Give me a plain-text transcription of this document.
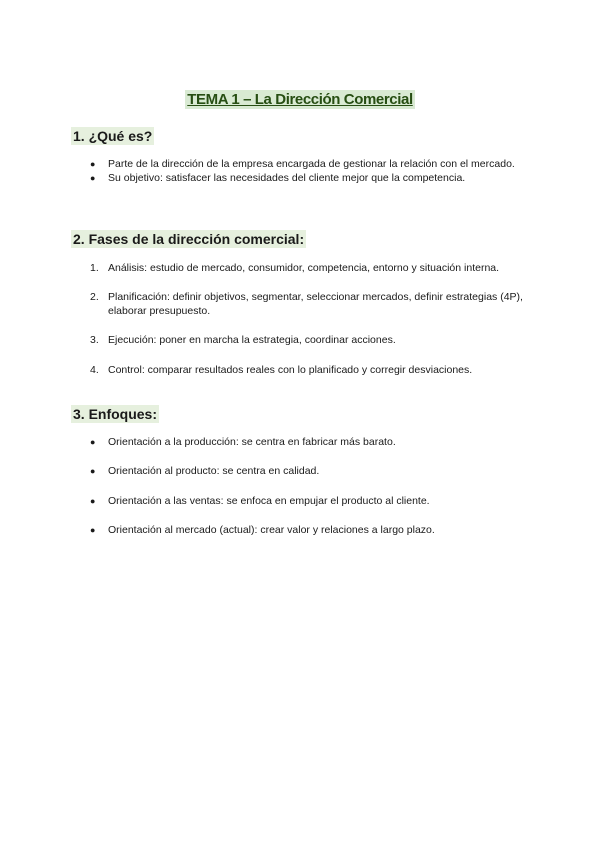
TEMA 1 – La Dirección Comercial
1. ¿Qué es?
● Parte de la dirección de la empresa encargada de gestionar la relación con el mercado.
● Su objetivo: satisfacer las necesidades del cliente mejor que la competencia.
2. Fases de la dirección comercial:
1. Análisis: estudio de mercado, consumidor, competencia, entorno y situación interna.
2. Planificación: definir objetivos, segmentar, seleccionar mercados, definir estrategias (4P), elaborar presupuesto.
3. Ejecución: poner en marcha la estrategia, coordinar acciones.
4. Control: comparar resultados reales con lo planificado y corregir desviaciones.
3. Enfoques:
● Orientación a la producción: se centra en fabricar más barato.
● Orientación al producto: se centra en calidad.
● Orientación a las ventas: se enfoca en empujar el producto al cliente.
● Orientación al mercado (actual): crear valor y relaciones a largo plazo.
